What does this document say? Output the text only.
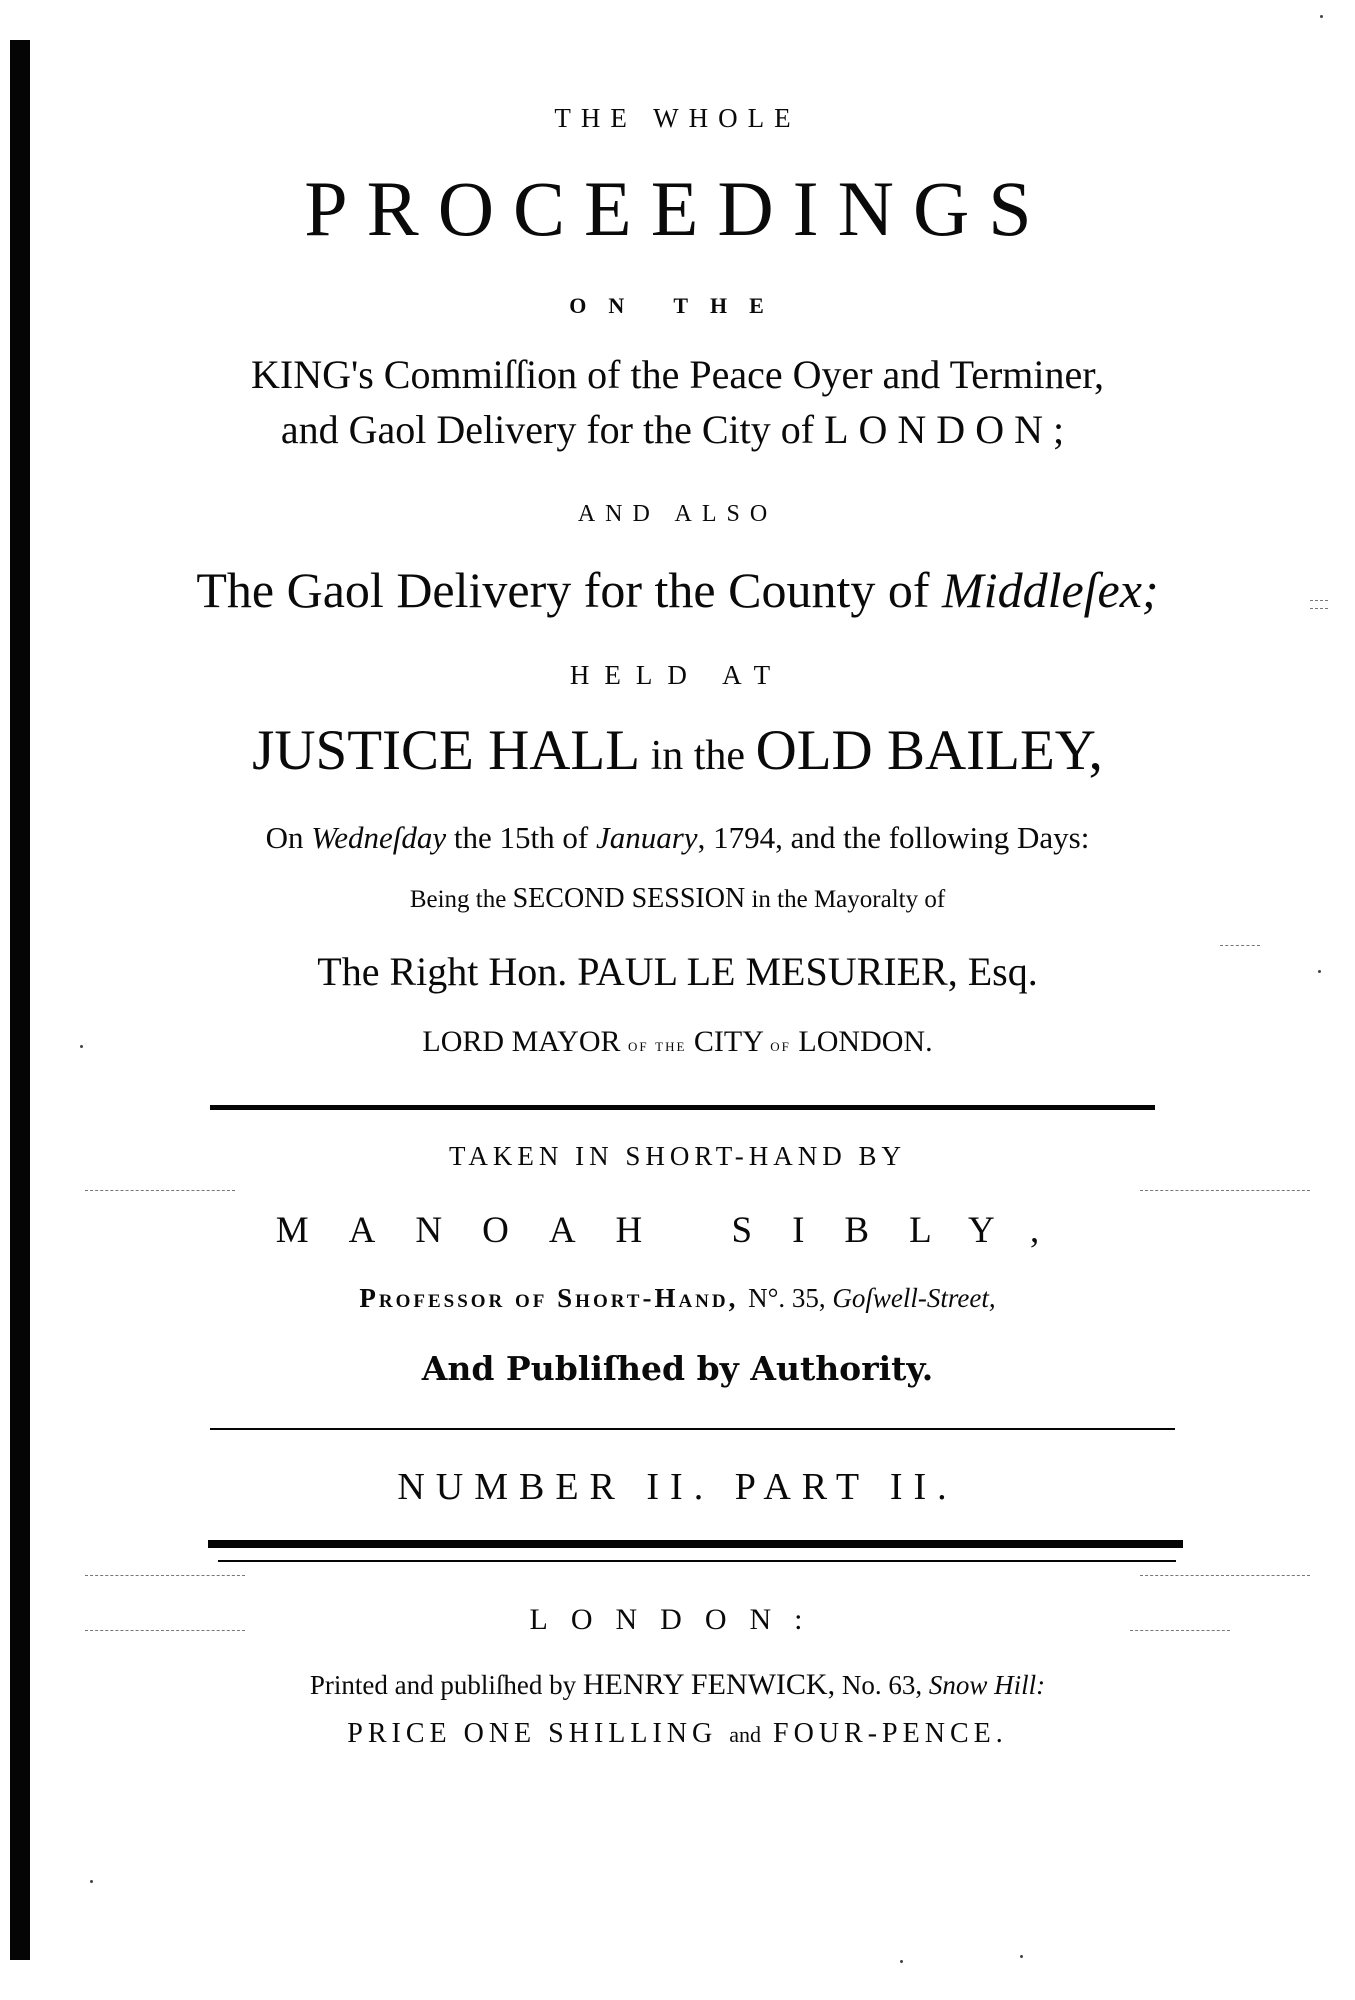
THE WHOLE
PROCEEDINGS
ON THE
KING's Commiſſion of the Peace Oyer and Terminer,
and Gaol Delivery for the City of LONDON;
AND ALSO
The Gaol Delivery for the County of Middleſex;
HELD AT
JUSTICE HALL in the OLD BAILEY,
On Wedneſday the 15th of January, 1794, and the following Days:
Being the SECOND SESSION in the Mayoralty of
The Right Hon. PAUL LE MESURIER, Esq.
LORD MAYOR of the CITY of LONDON.
TAKEN IN SHORT-HAND BY
MANOAH SIBLY,
Professor of Short-Hand, N°. 35, Goſwell-Street,
And Publiſhed by Authority.
NUMBER II. PART II.
LONDON:
Printed and publiſhed by HENRY FENWICK, No. 63, Snow Hill:
PRICE ONE SHILLING and FOUR-PENCE.
